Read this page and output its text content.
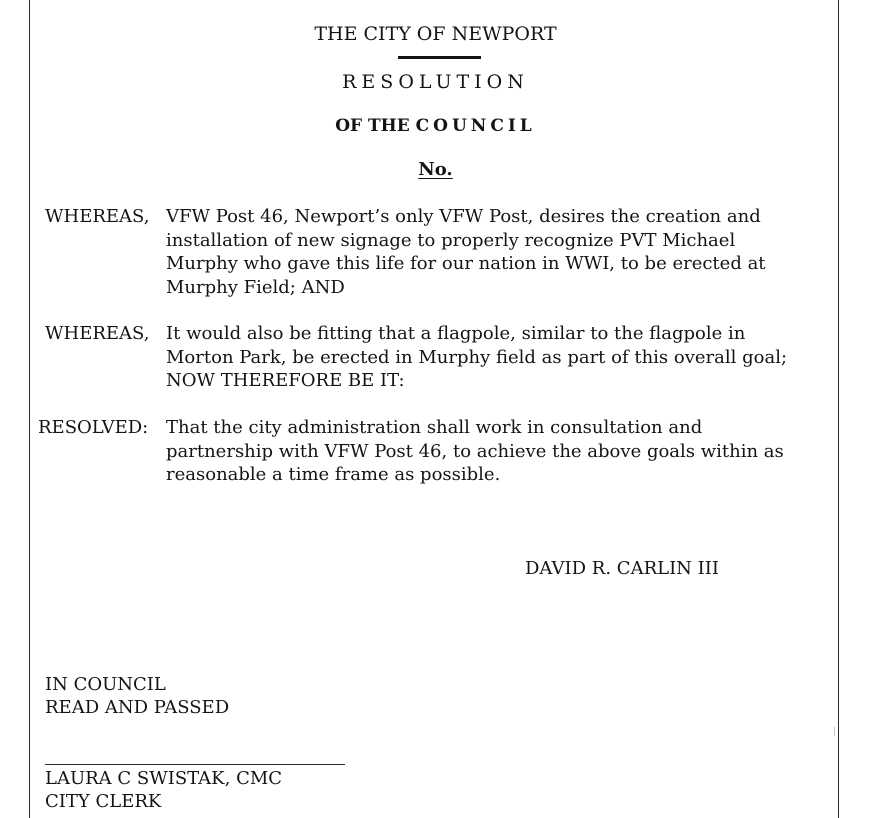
THE CITY OF NEWPORT
RESOLUTION
OF THE COUNCIL
No.
WHEREAS, VFW Post 46, Newport’s only VFW Post, desires the creation and
installation of new signage to properly recognize PVT Michael
Murphy who gave this life for our nation in WWI, to be erected at
Murphy Field; AND
WHEREAS, It would also be fitting that a flagpole, similar to the flagpole in
Morton Park, be erected in Murphy field as part of this overall goal;
NOW THEREFORE BE IT:
RESOLVED: That the city administration shall work in consultation and
partnership with VFW Post 46, to achieve the above goals within as
reasonable a time frame as possible.
DAVID R. CARLIN III
IN COUNCIL
READ AND PASSED
LAURA C SWISTAK, CMC
CITY CLERK
